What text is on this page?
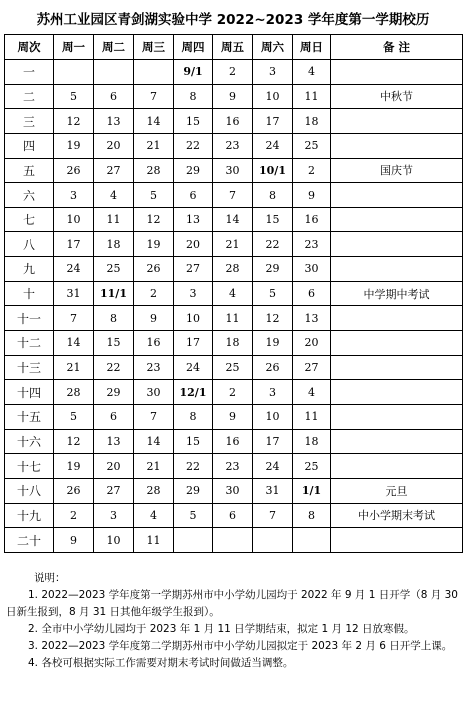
苏州工业园区青剑湖实验中学 2022~2023 学年度第一学期校历
周次	周一	周二	周三	周四	周五	周六	周日	备 注
一				9/1	2	3	4	
二	5	6	7	8	9	10	11	中秋节
三	12	13	14	15	16	17	18	
四	19	20	21	22	23	24	25	
五	26	27	28	29	30	10/1	2	国庆节
六	3	4	5	6	7	8	9	
七	10	11	12	13	14	15	16	
八	17	18	19	20	21	22	23	
九	24	25	26	27	28	29	30	
十	31	11/1	2	3	4	5	6	中学期中考试
十一	7	8	9	10	11	12	13	
十二	14	15	16	17	18	19	20	
十三	21	22	23	24	25	26	27	
十四	28	29	30	12/1	2	3	4	
十五	5	6	7	8	9	10	11	
十六	12	13	14	15	16	17	18	
十七	19	20	21	22	23	24	25	
十八	26	27	28	29	30	31	1/1	元旦
十九	2	3	4	5	6	7	8	中小学期末考试
二十	9	10	11					
说明：

1. 2022—2023 学年度第一学期苏州市中小学幼儿园均于 2022 年 9 月 1 日开学（8 月 30 日新生报到，8 月 31 日其他年级学生报到）。

2. 全市中小学幼儿园均于 2023 年 1 月 11 日学期结束，拟定 1 月 12 日放寒假。

3. 2022—2023 学年度第二学期苏州市中小学幼儿园拟定于 2023 年 2 月 6 日开学上课。

4. 各校可根据实际工作需要对期末考试时间做适当调整。
